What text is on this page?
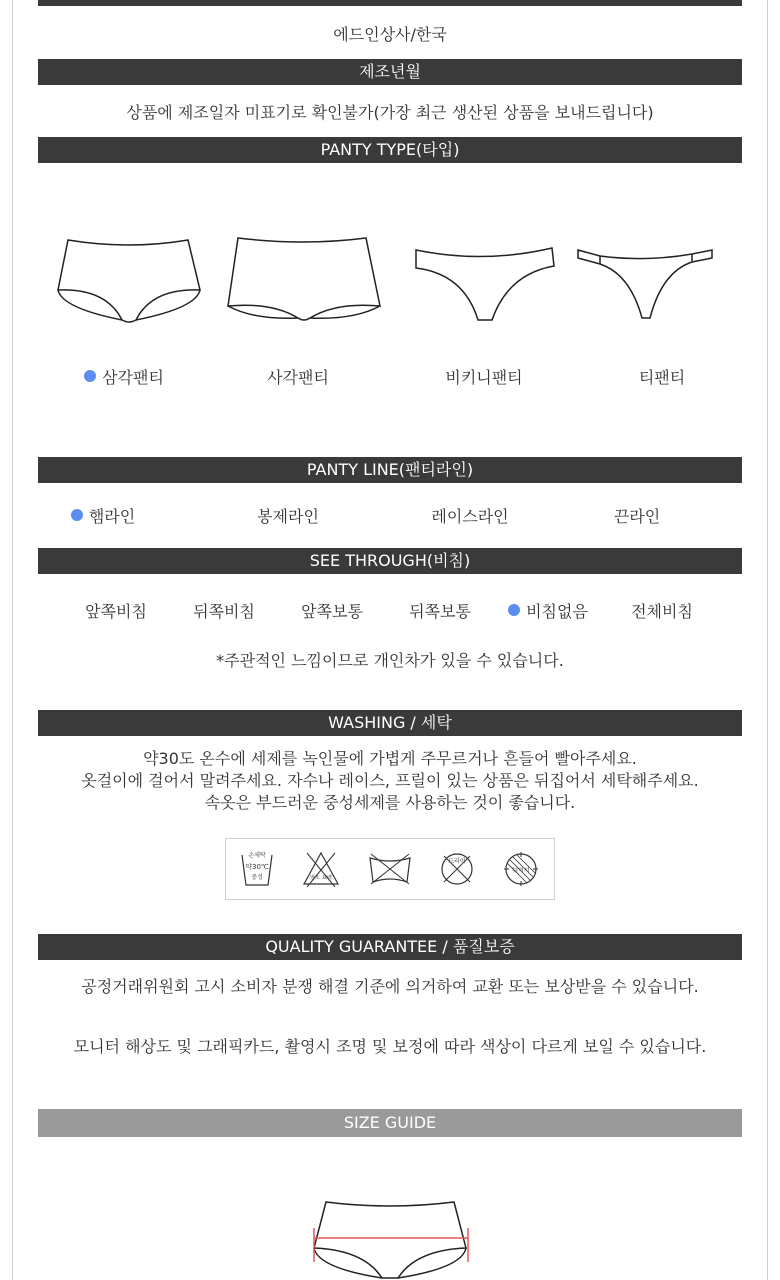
에드인상사/한국
제조년월
상품에 제조일자 미표기로 확인불가(가장 최근 생산된 상품을 보내드립니다)
PANTY TYPE(타입)
삼각팬티	사각팬티	비키니팬티	티팬티
PANTY LINE(팬티라인)
햄라인	봉제라인	레이스라인	끈라인
SEE THROUGH(비침)
앞쪽비침	뒤쪽비침	앞쪽보통	뒤쪽보통	비침없음	전체비침
*주관적인 느낌이므로 개인차가 있을 수 있습니다.
WASHING / 세탁
약30도 온수에 세제를 녹인물에 가볍게 주무르거나 흔들어 빨아주세요.
옷걸이에 걸어서 말려주세요. 자수나 레이스, 프릴이 있는 상품은 뒤집어서 세탁해주세요.
속옷은 부드러운 중성세제를 사용하는 것이 좋습니다.
손세탁
약30℃
중성	염소 표백
드라이
뉘어서
QUALITY GUARANTEE / 품질보증
공정거래위원회 고시 소비자 분쟁 해결 기준에 의거하여 교환 또는 보상받을 수 있습니다.
모니터 해상도 및 그래픽카드, 촬영시 조명 및 보정에 따라 색상이 다르게 보일 수 있습니다.
SIZE GUIDE
